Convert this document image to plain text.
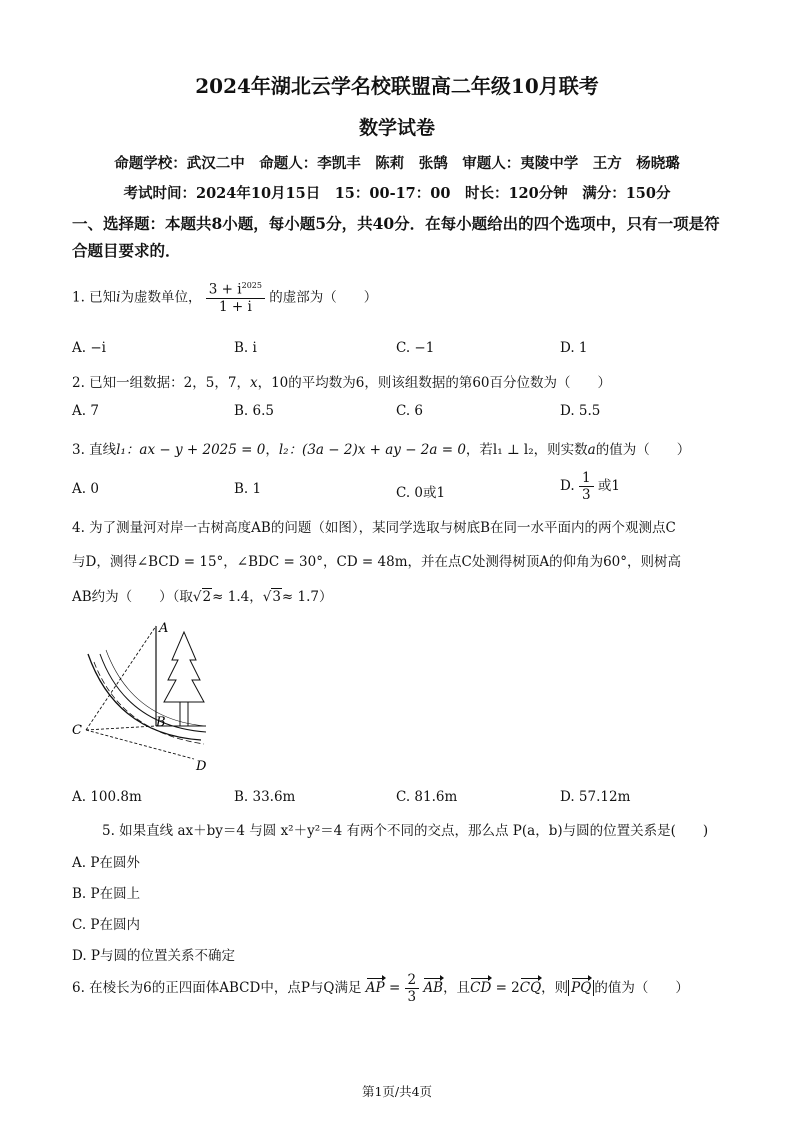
2024年湖北云学名校联盟高二年级10月联考
数学试卷
命题学校：武汉二中　命题人：李凯丰　陈莉　张鹄　审题人：夷陵中学　王方　杨晓璐
考试时间：2024年10月15日　15：00-17：00　时长：120分钟　满分：150分
一、选择题：本题共8小题，每小题5分，共40分．在每小题给出的四个选项中，只有一项是符合题目要求的．
1. 已知i为虚数单位， $\frac{3 + i^{2025}}{1 + i}$ 的虚部为（　　）
A. −i	B. i	C. −1	D. 1
2. 已知一组数据：2，5，7，x，10的平均数为6，则该组数据的第60百分位数为（　　）
A. 7	B. 6.5	C. 6	D. 5.5
3. 直线l₁：ax − y + 2025 = 0，l₂：(3a − 2)x + ay − 2a = 0，若l₁ ⊥ l₂，则实数a的值为（　　）
A. 0	B. 1	C. 0或1	D. $\frac{1}{3}$ 或1
4. 为了测量河对岸一古树高度AB的问题（如图），某同学选取与树底B在同一水平面内的两个观测点C
与D，测得∠BCD = 15°，∠BDC = 30°，CD = 48m，并在点C处测得树顶A的仰角为60°，则树高
AB约为（　　）（取√2≈ 1.4，√3≈ 1.7）
A
B
C
D
A. 100.8m	B. 33.6m	C. 81.6m	D. 57.12m
5. 如果直线 ax＋by＝4 与圆 x²＋y²＝4 有两个不同的交点，那么点 P(a，b)与圆的位置关系是(　　)
A. P在圆外
B. P在圆上
C. P在圆内
D. P与圆的位置关系不确定
6. 在棱长为6的正四面体ABCD中，点P与Q满足 AP = $\frac{2}{3}$ AB，且CD = 2CQ，则 PQ 的值为（　　）
第1页/共4页
